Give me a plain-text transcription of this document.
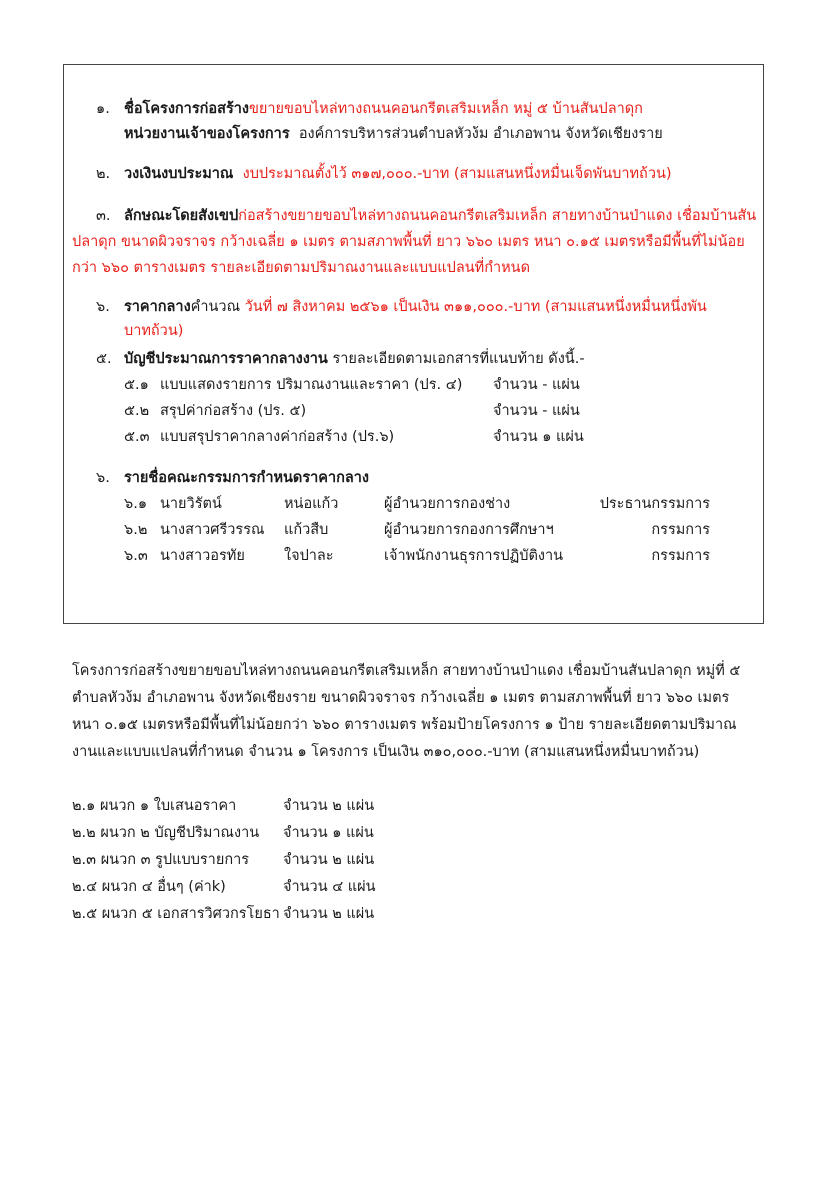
๑. ชื่อโครงการก่อสร้างขยายขอบไหล่ทางถนนคอนกรีตเสริมเหล็ก หมู่ ๕ บ้านสันปลาดุก
หน่วยงานเจ้าของโครงการ องค์การบริหารส่วนตำบลหัวง้ม อำเภอพาน จังหวัดเชียงราย
๒. วงเงินงบประมาณ งบประมาณตั้งไว้ ๓๑๗,๐๐๐.-บาท (สามแสนหนึ่งหมื่นเจ็ดพันบาทถ้วน)
๓. ลักษณะโดยสังเขปก่อสร้างขยายขอบไหล่ทางถนนคอนกรีตเสริมเหล็ก สายทางบ้านป่าแดง เชื่อมบ้านสัน
ปลาดุก ขนาดผิวจราจร กว้างเฉลี่ย ๑ เมตร ตามสภาพพื้นที่ ยาว ๖๖๐ เมตร หนา ๐.๑๕ เมตรหรือมีพื้นที่ไม่น้อย
กว่า ๖๖๐ ตารางเมตร รายละเอียดตามปริมาณงานและแบบแปลนที่กำหนด
๖. ราคากลางคำนวณ วันที่ ๗ สิงหาคม ๒๕๖๑ เป็นเงิน ๓๑๑,๐๐๐.-บาท (สามแสนหนึ่งหมื่นหนึ่งพัน
บาทถ้วน)
๕. บัญชีประมาณการราคากลางงาน รายละเอียดตามเอกสารที่แนบท้าย ดังนี้.-
๕.๑ แบบแสดงรายการ ปริมาณงานและราคา (ปร. ๔) จำนวน - แผ่น
๕.๒ สรุปค่าก่อสร้าง (ปร. ๕)	จำนวน - แผ่น
๕.๓ แบบสรุปราคากลางค่าก่อสร้าง (ปร.๖)	จำนวน ๑ แผ่น
๖. รายชื่อคณะกรรมการกำหนดราคากลาง
๖.๑ นายวิรัตน์	หน่อแก้ว	ผู้อำนวยการกองช่าง	ประธานกรรมการ
๖.๒ นางสาวศรีวรรณ แก้วสืบ	ผู้อำนวยการกองการศึกษาฯ	กรรมการ
๖.๓ นางสาวอรทัย	ใจปาละ	เจ้าพนักงานธุรการปฏิบัติงาน	กรรมการ
โครงการก่อสร้างขยายขอบไหล่ทางถนนคอนกรีตเสริมเหล็ก สายทางบ้านป่าแดง เชื่อมบ้านสันปลาดุก หมู่ที่ ๕
ตำบลหัวง้ม อำเภอพาน จังหวัดเชียงราย ขนาดผิวจราจร กว้างเฉลี่ย ๑ เมตร ตามสภาพพื้นที่ ยาว ๖๖๐ เมตร
หนา ๐.๑๕ เมตรหรือมีพื้นที่ไม่น้อยกว่า ๖๖๐ ตารางเมตร พร้อมป้ายโครงการ ๑ ป้าย รายละเอียดตามปริมาณ
งานและแบบแปลนที่กำหนด จำนวน ๑ โครงการ เป็นเงิน ๓๑๐,๐๐๐.-บาท (สามแสนหนึ่งหมื่นบาทถ้วน)
๒.๑ ผนวก ๑ ใบเสนอราคา	จำนวน ๒ แผ่น
๒.๒ ผนวก ๒ บัญชีปริมาณงาน จำนวน ๑ แผ่น
๒.๓ ผนวก ๓ รูปแบบรายการ จำนวน ๒ แผ่น
๒.๔ ผนวก ๔ อื่นๆ (ค่าk)	จำนวน ๔ แผ่น
๒.๕ ผนวก ๕ เอกสารวิศวกรโยธา จำนวน ๒ แผ่น
